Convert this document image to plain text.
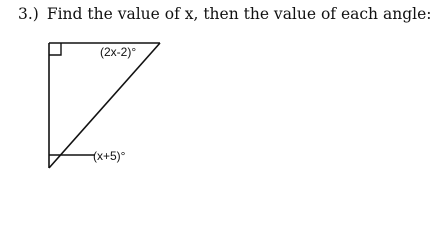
3.) Find the value of x, then the value of each angle:
(2x-2)°
(x+5)°
